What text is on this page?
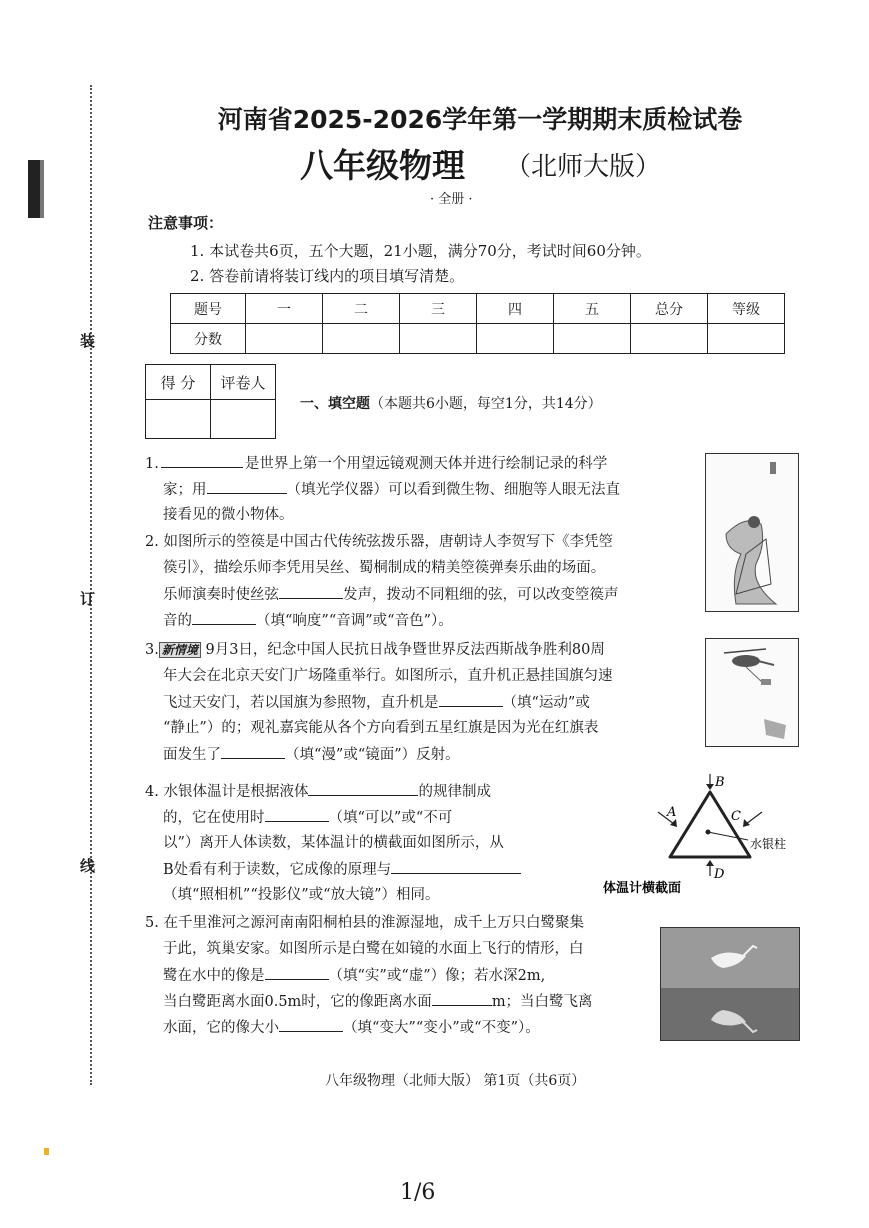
装
订
线
河南省2025-2026学年第一学期期末质检试卷
八年级物理 （北师大版）
· 全册 ·
注意事项：
1. 本试卷共6页，五个大题，21小题，满分70分，考试时间60分钟。
2. 答卷前请将装订线内的项目填写清楚。
题号	一	二	三	四	五	总分	等级
分数							
得 分	评卷人

一、填空题（本题共6小题，每空1分，共14分）
1.	是世界上第一个用望远镜观测天体并进行绘制记录的科学
家；用	（填光学仪器）可以看到微生物、细胞等人眼无法直
接看见的微小物体。
2. 如图所示的箜篌是中国古代传统弦拨乐器，唐朝诗人李贺写下《李凭箜
篌引》，描绘乐师李凭用吴丝、蜀桐制成的精美箜篌弹奏乐曲的场面。
乐师演奏时使丝弦	发声，拨动不同粗细的弦，可以改变箜篌声
音的	（填“响度”“音调”或“音色”）。
3. 新情境 9月3日，纪念中国人民抗日战争暨世界反法西斯战争胜利80周
年大会在北京天安门广场隆重举行。如图所示，直升机正悬挂国旗匀速
飞过天安门，若以国旗为参照物，直升机是	（填“运动”或
“静止”）的；观礼嘉宾能从各个方向看到五星红旗是因为光在红旗表
面发生了	（填“漫”或“镜面”）反射。
4. 水银体温计是根据液体	的规律制成
的，它在使用时	（填“可以”或“不可
以”）离开人体读数，某体温计的横截面如图所示，从
B处看有利于读数，它成像的原理与
（填“照相机”“投影仪”或“放大镜”）相同。
B
A	C
D
水银柱
体温计横截面
5. 在千里淮河之源河南南阳桐柏县的淮源湿地，成千上万只白鹭聚集
于此，筑巢安家。如图所示是白鹭在如镜的水面上飞行的情形，白
鹭在水中的像是	（填“实”或“虚”）像；若水深2m,
当白鹭距离水面0.5m时，它的像距离水面	m；当白鹭飞离
水面，它的像大小	（填“变大”“变小”或“不变”）。
八年级物理（北师大版） 第1页（共6页）
1/6
